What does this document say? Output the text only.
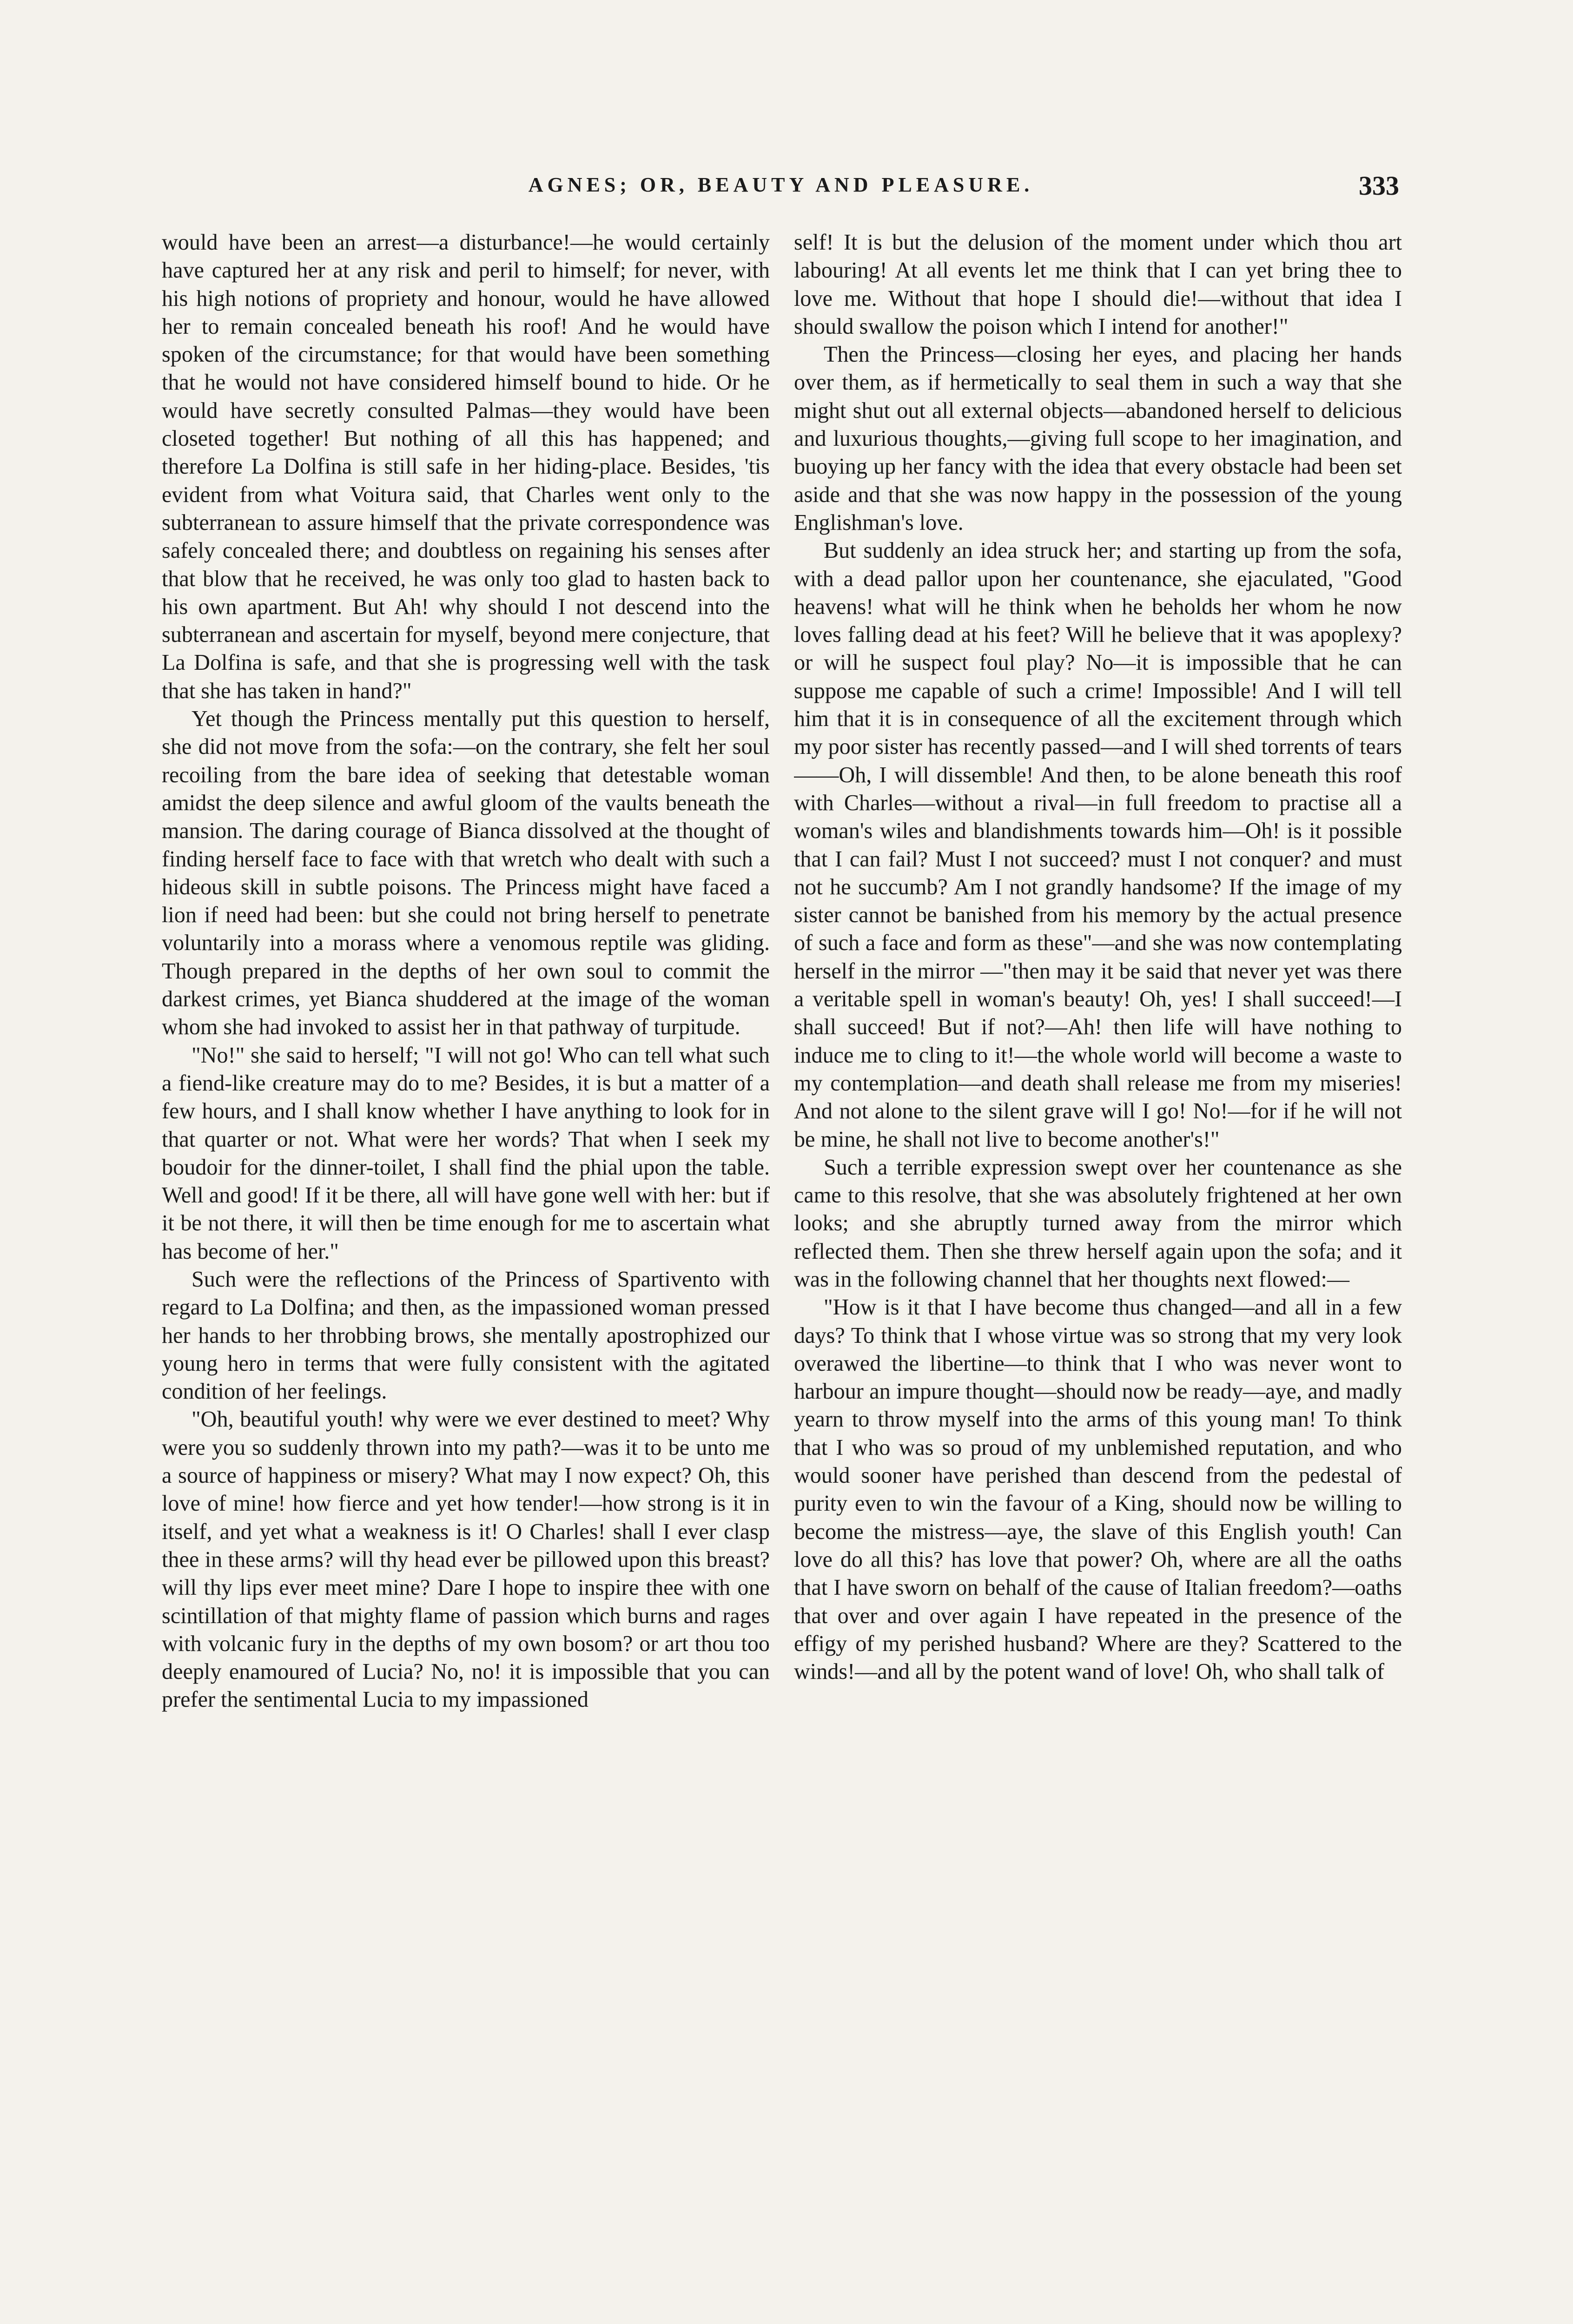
AGNES; OR, BEAUTY AND PLEASURE.	333

would have been an arrest—a disturbance!—he would certainly have captured her at any risk and peril to himself; for never, with his high notions of propriety and honour, would he have allowed her to remain concealed beneath his roof! And he would have spoken of the circumstance; for that would have been something that he would not have considered himself bound to hide. Or he would have secretly consulted Palmas—they would have been closeted together! But nothing of all this has happened; and therefore La Dolfina is still safe in her hiding-place. Besides, 'tis evident from what Voitura said, that Charles went only to the subterranean to assure himself that the private correspondence was safely concealed there; and doubtless on regaining his senses after that blow that he received, he was only too glad to hasten back to his own apartment. But Ah! why should I not descend into the subterranean and ascertain for myself, beyond mere conjecture, that La Dolfina is safe, and that she is progressing well with the task that she has taken in hand?"

Yet though the Princess mentally put this question to herself, she did not move from the sofa:—on the contrary, she felt her soul recoiling from the bare idea of seeking that detestable woman amidst the deep silence and awful gloom of the vaults beneath the mansion. The daring courage of Bianca dissolved at the thought of finding herself face to face with that wretch who dealt with such a hideous skill in subtle poisons. The Princess might have faced a lion if need had been: but she could not bring herself to penetrate voluntarily into a morass where a venomous reptile was gliding. Though prepared in the depths of her own soul to commit the darkest crimes, yet Bianca shuddered at the image of the woman whom she had invoked to assist her in that pathway of turpitude.

"No!" she said to herself; "I will not go! Who can tell what such a fiend-like creature may do to me? Besides, it is but a matter of a few hours, and I shall know whether I have anything to look for in that quarter or not. What were her words? That when I seek my boudoir for the dinner-toilet, I shall find the phial upon the table. Well and good! If it be there, all will have gone well with her: but if it be not there, it will then be time enough for me to ascertain what has become of her."

Such were the reflections of the Princess of Spartivento with regard to La Dolfina; and then, as the impassioned woman pressed her hands to her throbbing brows, she mentally apostrophized our young hero in terms that were fully consistent with the agitated condition of her feelings.

"Oh, beautiful youth! why were we ever destined to meet? Why were you so suddenly thrown into my path?—was it to be unto me a source of happiness or misery? What may I now expect? Oh, this love of mine! how fierce and yet how tender!—how strong is it in itself, and yet what a weakness is it! O Charles! shall I ever clasp thee in these arms? will thy head ever be pillowed upon this breast? will thy lips ever meet mine? Dare I hope to inspire thee with one scintillation of that mighty flame of passion which burns and rages with volcanic fury in the depths of my own bosom? or art thou too deeply enamoured of Lucia? No, no! it is impossible that you can prefer the sentimental Lucia to my impassioned

self! It is but the delusion of the moment under which thou art labouring! At all events let me think that I can yet bring thee to love me. Without that hope I should die!—without that idea I should swallow the poison which I intend for another!"

Then the Princess—closing her eyes, and placing her hands over them, as if hermetically to seal them in such a way that she might shut out all external objects—abandoned herself to delicious and luxurious thoughts,—giving full scope to her imagination, and buoying up her fancy with the idea that every obstacle had been set aside and that she was now happy in the possession of the young Englishman's love.

But suddenly an idea struck her; and starting up from the sofa, with a dead pallor upon her countenance, she ejaculated, "Good heavens! what will he think when he beholds her whom he now loves falling dead at his feet? Will he believe that it was apoplexy? or will he suspect foul play? No—it is impossible that he can suppose me capable of such a crime! Impossible! And I will tell him that it is in consequence of all the excitement through which my poor sister has recently passed—and I will shed torrents of tears ——Oh, I will dissemble! And then, to be alone beneath this roof with Charles—without a rival—in full freedom to practise all a woman's wiles and blandishments towards him—Oh! is it possible that I can fail? Must I not succeed? must I not conquer? and must not he succumb? Am I not grandly handsome? If the image of my sister cannot be banished from his memory by the actual presence of such a face and form as these"—and she was now contemplating herself in the mirror —"then may it be said that never yet was there a veritable spell in woman's beauty! Oh, yes! I shall succeed!—I shall succeed! But if not?—Ah! then life will have nothing to induce me to cling to it!—the whole world will become a waste to my contemplation—and death shall release me from my miseries! And not alone to the silent grave will I go! No!—for if he will not be mine, he shall not live to become another's!"

Such a terrible expression swept over her countenance as she came to this resolve, that she was absolutely frightened at her own looks; and she abruptly turned away from the mirror which reflected them. Then she threw herself again upon the sofa; and it was in the following channel that her thoughts next flowed:—

"How is it that I have become thus changed—and all in a few days? To think that I whose virtue was so strong that my very look overawed the libertine—to think that I who was never wont to harbour an impure thought—should now be ready—aye, and madly yearn to throw myself into the arms of this young man! To think that I who was so proud of my unblemished reputation, and who would sooner have perished than descend from the pedestal of purity even to win the favour of a King, should now be willing to become the mistress—aye, the slave of this English youth! Can love do all this? has love that power? Oh, where are all the oaths that I have sworn on behalf of the cause of Italian freedom?—oaths that over and over again I have repeated in the presence of the effigy of my perished husband? Where are they? Scattered to the winds!—and all by the potent wand of love! Oh, who shall talk of
